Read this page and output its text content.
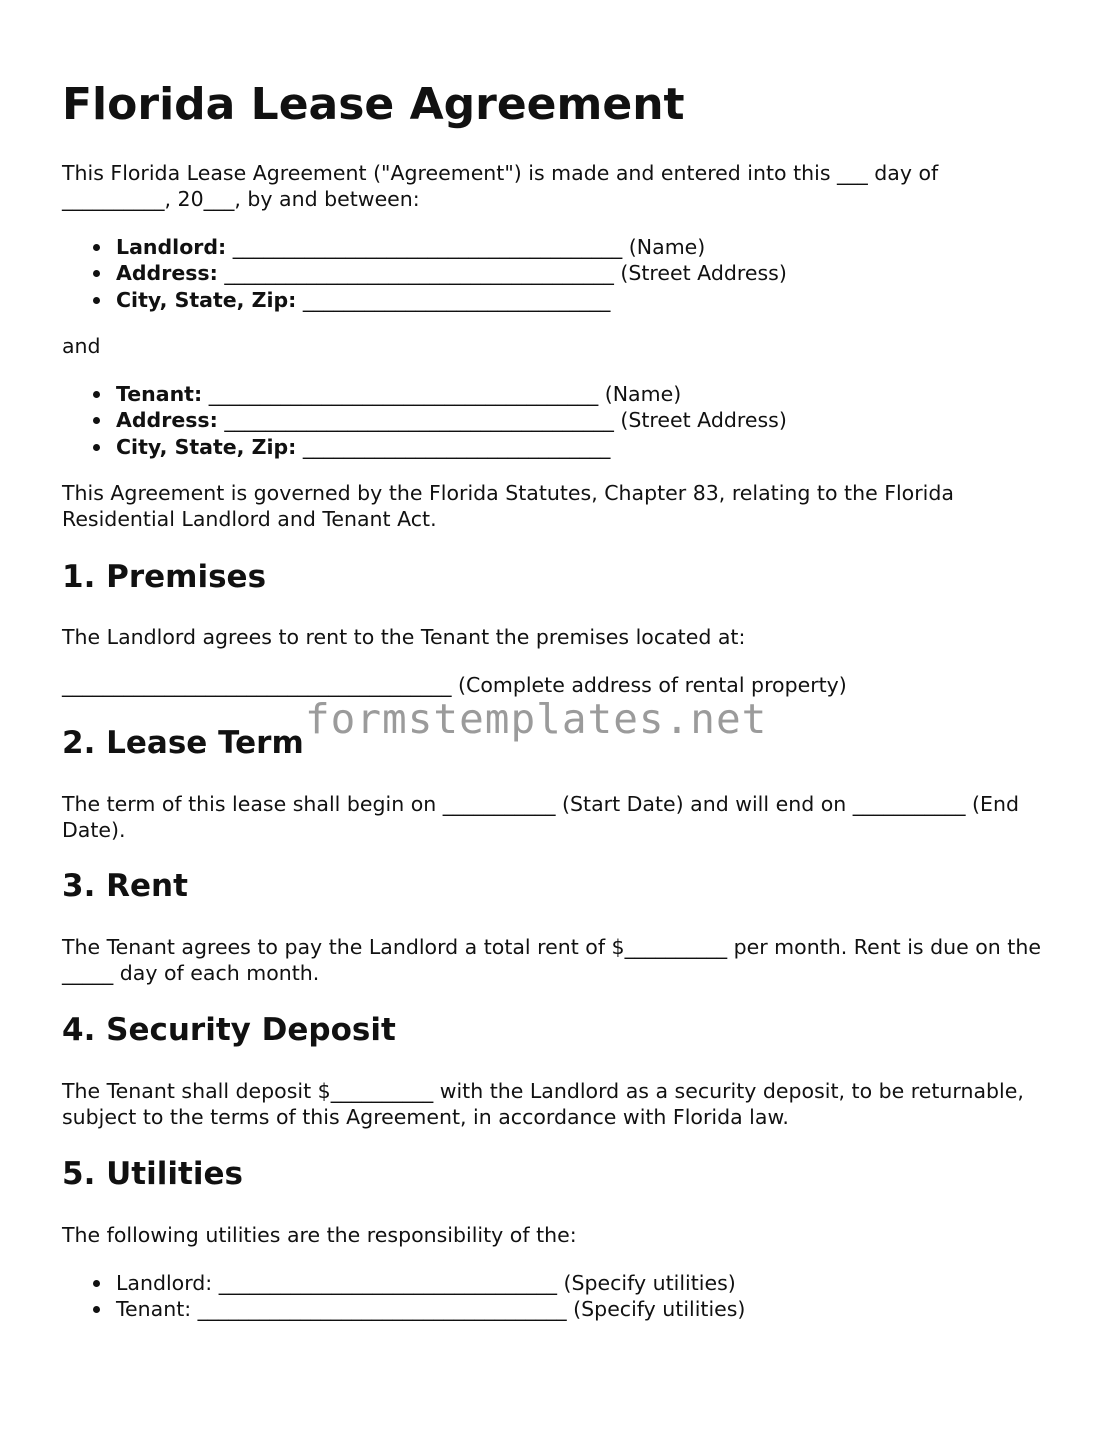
Florida Lease Agreement

This Florida Lease Agreement ("Agreement") is made and entered into this ___ day of __________, 20___, by and between:

Landlord: ______________________________________ (Name)
Address: ______________________________________ (Street Address)
City, State, Zip: ______________________________
and
Tenant: ______________________________________ (Name)
Address: ______________________________________ (Street Address)
City, State, Zip: ______________________________

This Agreement is governed by the Florida Statutes, Chapter 83, relating to the Florida Residential Landlord and Tenant Act.

1. Premises

The Landlord agrees to rent to the Tenant the premises located at:

______________________________________ (Complete address of rental property)
2. Lease Term

The term of this lease shall begin on ___________ (Start Date) and will end on ___________ (End Date).

3. Rent

The Tenant agrees to pay the Landlord a total rent of $__________ per month. Rent is due on the _____ day of each month.

4. Security Deposit

The Tenant shall deposit $__________ with the Landlord as a security deposit, to be returnable, subject to the terms of this Agreement, in accordance with Florida law.

5. Utilities

The following utilities are the responsibility of the:

Landlord: _________________________________ (Specify utilities)
Tenant: ____________________________________ (Specify utilities)
formstemplates.net
